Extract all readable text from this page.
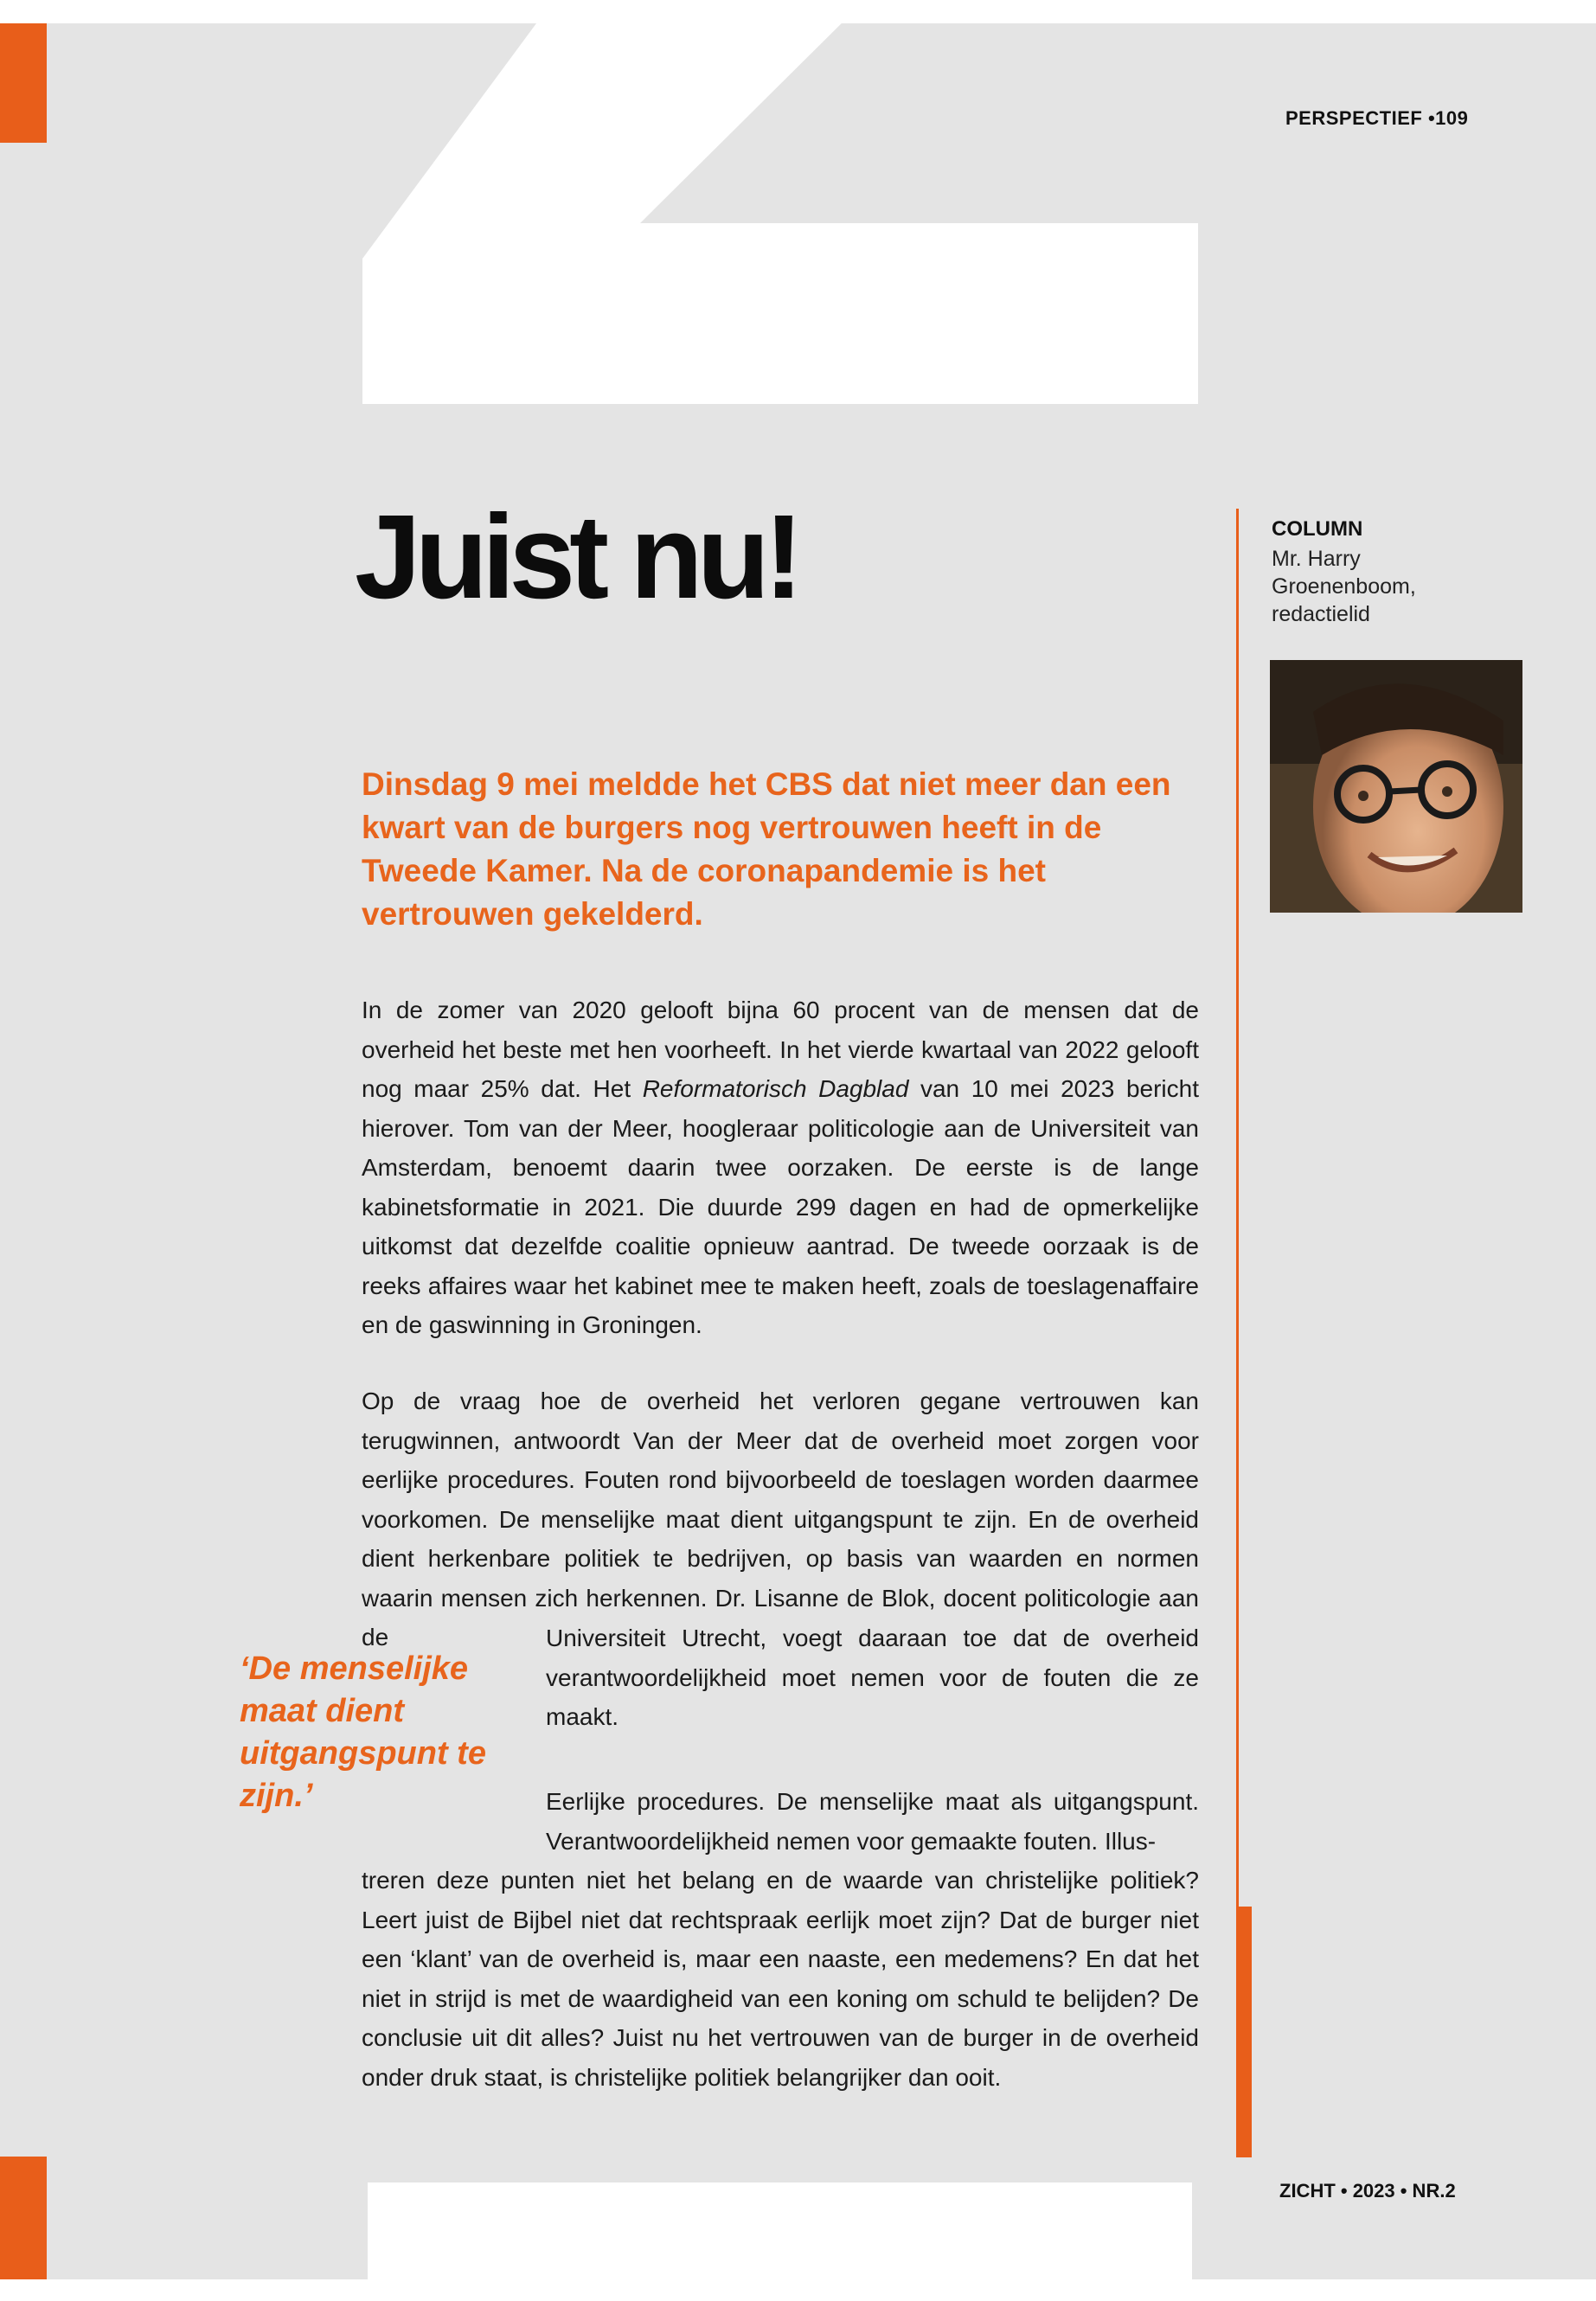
PERSPECTIEF •109
ZICHT • 2023 • NR.2
Juist nu!	COLUMN
Mr. Harry Groenenboom, redactielid
Dinsdag 9 mei meldde het CBS dat niet meer dan een kwart van de burgers nog vertrouwen heeft in de Tweede Kamer. Na de coronapandemie is het vertrouwen gekelderd.

In de zomer van 2020 gelooft bijna 60 procent van de mensen dat de overheid het beste met hen voorheeft. In het vierde kwartaal van 2022 gelooft nog maar 25% dat. Het Reformatorisch Dagblad van 10 mei 2023 bericht hierover. Tom van der Meer, hoogleraar politicologie aan de Universiteit van Amsterdam, benoemt daarin twee oorzaken. De eerste is de lange kabinetsformatie in 2021. Die duurde 299 dagen en had de opmerkelijke uitkomst dat dezelfde coalitie opnieuw aantrad. De tweede oorzaak is de reeks affaires waar het kabinet mee te maken heeft, zoals de toeslagenaffaire en de gaswinning in Groningen.

Op de vraag hoe de overheid het verloren gegane vertrouwen kan terugwinnen, antwoordt Van der Meer dat de overheid moet zorgen voor eerlijke procedures. Fouten rond bijvoorbeeld de toeslagen worden daarmee voorkomen. De menselijke maat dient uitgangspunt te zijn. En de overheid dient herkenbare politiek te bedrijven, op basis van waarden en normen waarin mensen zich herkennen. Dr. Lisanne de Blok, docent politicologie aan de	Universiteit Utrecht, voegt daaraan toe dat de overheid verantwoordelijkheid moet nemen voor de fouten die ze maakt.

Eerlijke procedures. De menselijke maat als uitgangspunt. Verantwoordelijkheid nemen voor gemaakte fouten. Illus-

treren deze punten niet het belang en de waarde van christelijke politiek? Leert juist de Bijbel niet dat rechtspraak eerlijk moet zijn? Dat de burger niet een ‘klant’ van de overheid is, maar een naaste, een medemens? En dat het niet in strijd is met de waardigheid van een koning om schuld te belijden? De conclusie uit dit alles? Juist nu het vertrouwen van de burger in de overheid onder druk staat, is christelijke politiek belangrijker dan ooit.

‘De menselijke maat dient uitgangspunt te zijn.’
